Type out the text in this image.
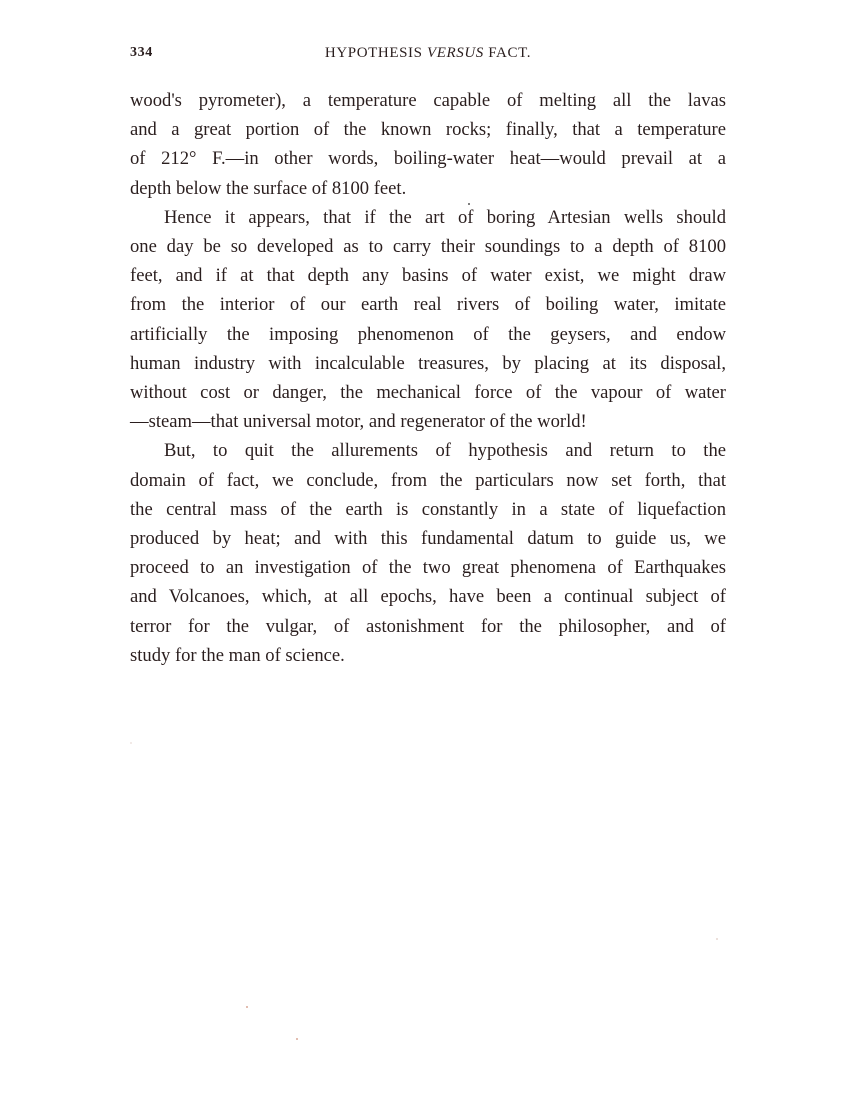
334	HYPOTHESIS VERSUS FACT.
wood's pyrometer), a temperature capable of melting all the lavas
and a great portion of the known rocks; finally, that a temperature
of 212° F.—in other words, boiling-water heat—would prevail at a
depth below the surface of 8100 feet.
Hence it appears, that if the art of boring Artesian wells should
one day be so developed as to carry their soundings to a depth of 8100
feet, and if at that depth any basins of water exist, we might draw
from the interior of our earth real rivers of boiling water, imitate
artificially the imposing phenomenon of the geysers, and endow
human industry with incalculable treasures, by placing at its disposal,
without cost or danger, the mechanical force of the vapour of water
—steam—that universal motor, and regenerator of the world!
But, to quit the allurements of hypothesis and return to the
domain of fact, we conclude, from the particulars now set forth, that
the central mass of the earth is constantly in a state of liquefaction
produced by heat; and with this fundamental datum to guide us, we
proceed to an investigation of the two great phenomena of Earthquakes
and Volcanoes, which, at all epochs, have been a continual subject of
terror for the vulgar, of astonishment for the philosopher, and of
study for the man of science.
